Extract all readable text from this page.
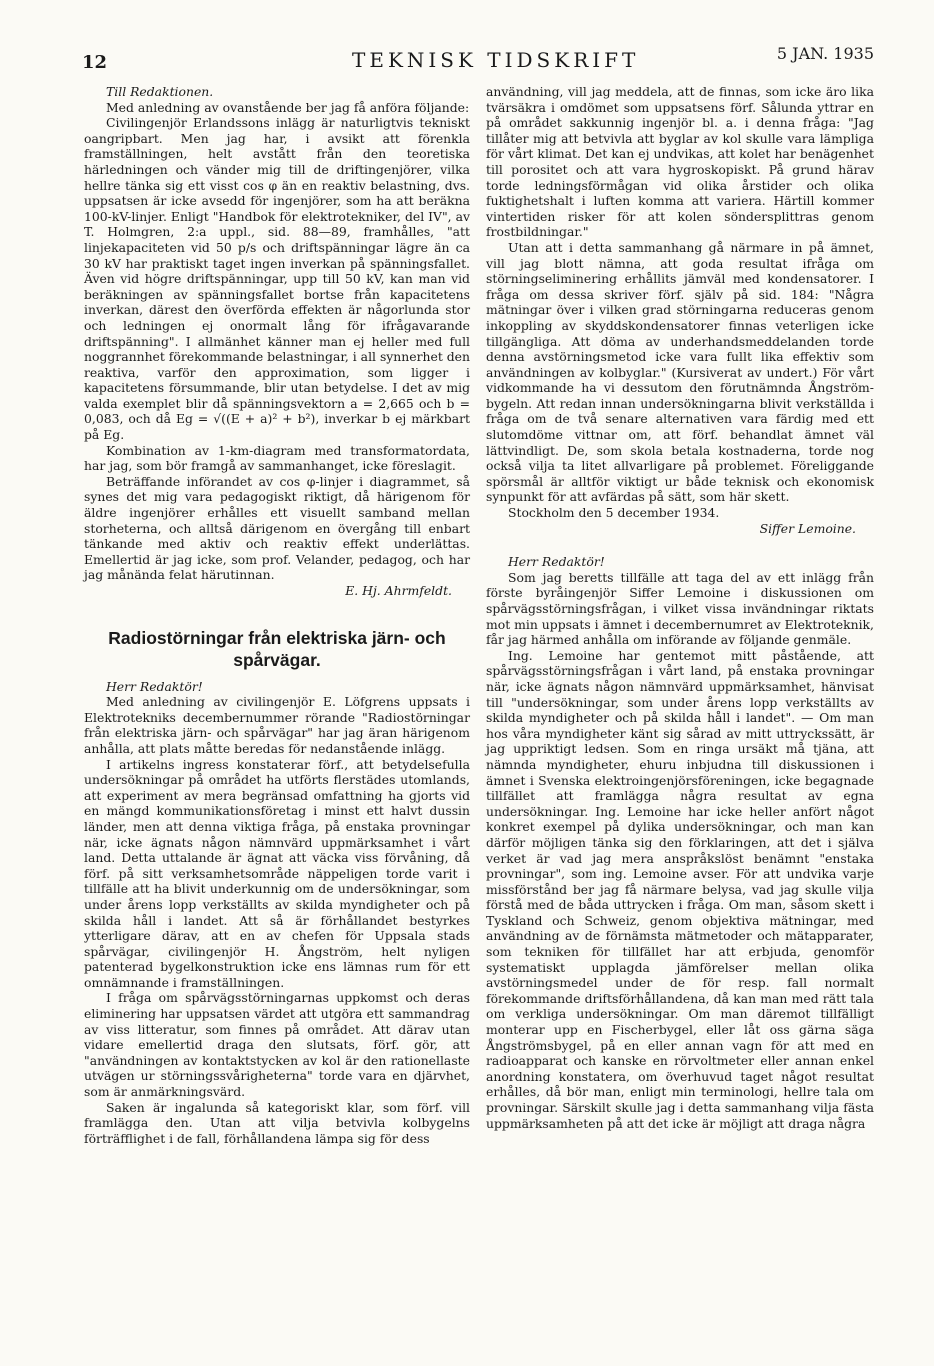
12	TEKNISK TIDSKRIFT	5 JAN. 1935

Till Redaktionen.

Med anledning av ovanstående ber jag få anföra följande:

Civilingenjör Erlandssons inlägg är naturligtvis tekniskt oangripbart. Men jag har, i avsikt att förenkla framställningen, helt avstått från den teoretiska härledningen och vänder mig till de driftingenjörer, vilka hellre tänka sig ett visst cos φ än en reaktiv belastning, dvs. uppsatsen är icke avsedd för ingenjörer, som ha att beräkna 100-kV-linjer. Enligt "Handbok för elektrotekniker, del IV", av T. Holmgren, 2:a uppl., sid. 88—89, framhålles, "att linjekapaciteten vid 50 p/s och driftspänningar lägre än ca 30 kV har praktiskt taget ingen inverkan på spänningsfallet. Även vid högre driftspänningar, upp till 50 kV, kan man vid beräkningen av spänningsfallet bortse från kapacitetens inverkan, därest den överförda effekten är någorlunda stor och ledningen ej onormalt lång för ifrågavarande driftspänning". I allmänhet känner man ej heller med full noggrannhet förekommande belastningar, i all synnerhet den reaktiva, varför den approximation, som ligger i kapacitetens försummande, blir utan betydelse. I det av mig valda exemplet blir då spänningsvektorn a = 2,665 och b = 0,083, och då Eg = √((E + a)² + b²), inverkar b ej märkbart på Eg.

Kombination av 1-km-diagram med transformatordata, har jag, som bör framgå av sammanhanget, icke föreslagit.

Beträffande införandet av cos φ-linjer i diagrammet, så synes det mig vara pedagogiskt riktigt, då härigenom för äldre ingenjörer erhålles ett visuellt samband mellan storheterna, och alltså därigenom en övergång till enbart tänkande med aktiv och reaktiv effekt underlättas. Emellertid är jag icke, som prof. Velander, pedagog, och har jag månända felat härutinnan.

E. Hj. Ahrmfeldt.

Radiostörningar från elektriska järn- och spårvägar.

Herr Redaktör!

Med anledning av civilingenjör E. Löfgrens uppsats i Elektrotekniks decembernummer rörande "Radiostörningar från elektriska järn- och spårvägar" har jag äran härigenom anhålla, att plats måtte beredas för nedanstående inlägg.

I artikelns ingress konstaterar förf., att betydelsefulla undersökningar på området ha utförts flerstädes utomlands, att experiment av mera begränsad omfattning ha gjorts vid en mängd kommunikationsföretag i minst ett halvt dussin länder, men att denna viktiga fråga, på enstaka provningar när, icke ägnats någon nämnvärd uppmärksamhet i vårt land. Detta uttalande är ägnat att väcka viss förvåning, då förf. på sitt verksamhetsområde näppeligen torde varit i tillfälle att ha blivit underkunnig om de undersökningar, som under årens lopp verkställts av skilda myndigheter och på skilda håll i landet. Att så är förhållandet bestyrkes ytterligare därav, att en av chefen för Uppsala stads spårvägar, civilingenjör H. Ångström, helt nyligen patenterad bygelkonstruktion icke ens lämnas rum för ett omnämnande i framställningen.

I fråga om spårvägsstörningarnas uppkomst och deras eliminering har uppsatsen värdet att utgöra ett sammandrag av viss litteratur, som finnes på området. Att därav utan vidare emellertid draga den slutsats, förf. gör, att "användningen av kontaktstycken av kol är den rationellaste utvägen ur störningssvårigheterna" torde vara en djärvhet, som är anmärkningsvärd.

Saken är ingalunda så kategoriskt klar, som förf. vill framlägga den. Utan att vilja betvivla kolbygelns förträfflighet i de fall, förhållandena lämpa sig för dess

användning, vill jag meddela, att de finnas, som icke äro lika tvärsäkra i omdömet som uppsatsens förf. Sålunda yttrar en på området sakkunnig ingenjör bl. a. i denna fråga: "Jag tillåter mig att betvivla att byglar av kol skulle vara lämpliga för vårt klimat. Det kan ej undvikas, att kolet har benägenhet till porositet och att vara hygroskopiskt. På grund härav torde ledningsförmågan vid olika årstider och olika fuktighetshalt i luften komma att variera. Härtill kommer vintertiden risker för att kolen söndersplittras genom frostbildningar."

Utan att i detta sammanhang gå närmare in på ämnet, vill jag blott nämna, att goda resultat ifråga om störningseliminering erhållits jämväl med kondensatorer. I fråga om dessa skriver förf. själv på sid. 184: "Några mätningar över i vilken grad störningarna reduceras genom inkoppling av skyddskondensatorer finnas veterligen icke tillgängliga. Att döma av underhandsmeddelanden torde denna avstörningsmetod icke vara fullt lika effektiv som användningen av kolbyglar." (Kursiverat av undert.) För vårt vidkommande ha vi dessutom den förutnämnda Ångström-bygeln. Att redan innan undersökningarna blivit verkställda i fråga om de två senare alternativen vara färdig med ett slutomdöme vittnar om, att förf. behandlat ämnet väl lättvindligt. De, som skola betala kostnaderna, torde nog också vilja ta litet allvarligare på problemet. Föreliggande spörsmål är alltför viktigt ur både teknisk och ekonomisk synpunkt för att avfärdas på sätt, som här skett.

Stockholm den 5 december 1934.

Siffer Lemoine.

Herr Redaktör!

Som jag beretts tillfälle att taga del av ett inlägg från förste byråingenjör Siffer Lemoine i diskussionen om spårvägsstörningsfrågan, i vilket vissa invändningar riktats mot min uppsats i ämnet i decembernumret av Elektroteknik, får jag härmed anhålla om införande av följande genmäle.

Ing. Lemoine har gentemot mitt påstående, att spårvägsstörningsfrågan i vårt land, på enstaka provningar när, icke ägnats någon nämnvärd uppmärksamhet, hänvisat till "undersökningar, som under årens lopp verkställts av skilda myndigheter och på skilda håll i landet". — Om man hos våra myndigheter känt sig sårad av mitt uttryckssätt, är jag uppriktigt ledsen. Som en ringa ursäkt må tjäna, att nämnda myndigheter, ehuru inbjudna till diskussionen i ämnet i Svenska elektroingenjörsföreningen, icke begagnade tillfället att framlägga några resultat av egna undersökningar. Ing. Lemoine har icke heller anfört något konkret exempel på dylika undersökningar, och man kan därför möjligen tänka sig den förklaringen, att det i själva verket är vad jag mera anspråkslöst benämnt "enstaka provningar", som ing. Lemoine avser. För att undvika varje missförstånd ber jag få närmare belysa, vad jag skulle vilja förstå med de båda uttrycken i fråga. Om man, såsom skett i Tyskland och Schweiz, genom objektiva mätningar, med användning av de förnämsta mätmetoder och mätapparater, som tekniken för tillfället har att erbjuda, genomför systematiskt upplagda jämförelser mellan olika avstörningsmedel under de för resp. fall normalt förekommande driftsförhållandena, då kan man med rätt tala om verkliga undersökningar. Om man däremot tillfälligt monterar upp en Fischerbygel, eller låt oss gärna säga Ångströmsbygel, på en eller annan vagn för att med en radioapparat och kanske en rörvoltmeter eller annan enkel anordning konstatera, om överhuvud taget något resultat erhålles, då bör man, enligt min terminologi, hellre tala om provningar. Särskilt skulle jag i detta sammanhang vilja fästa uppmärksamheten på att det icke är möjligt att draga några
